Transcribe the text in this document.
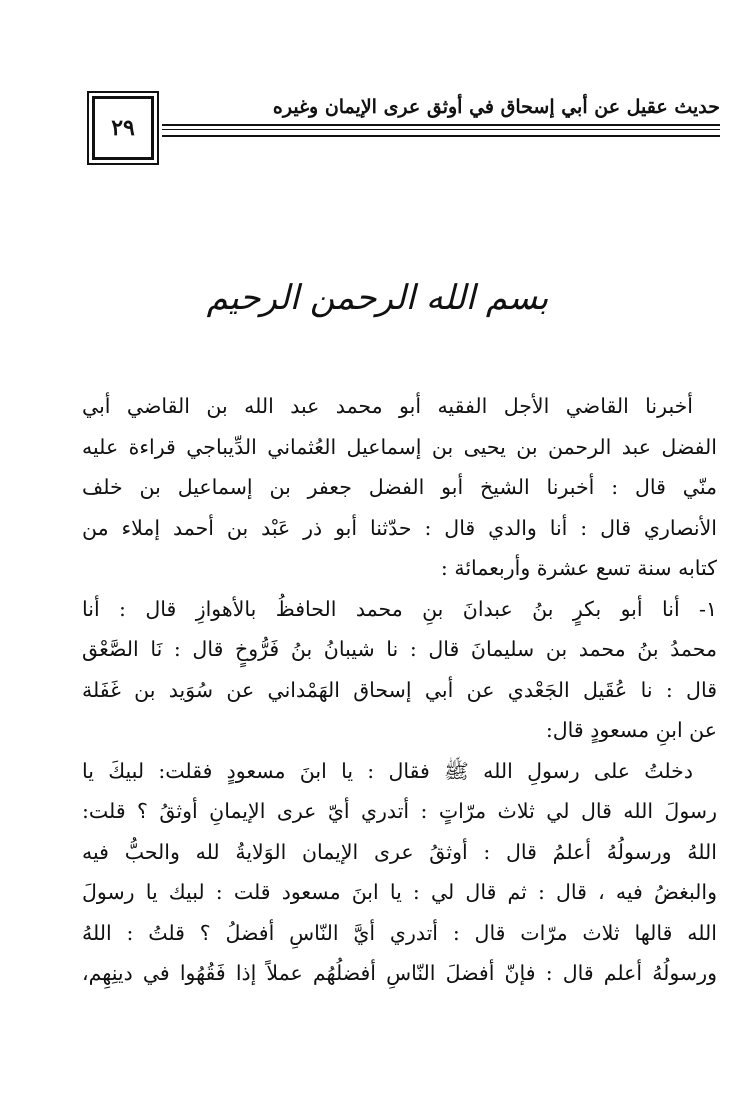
٢٩
حديث عقيل عن أبي إسحاق في أوثق عرى الإيمان وغيره
بسم الله الرحمن الرحيم
أخبرنا القاضي الأجل الفقيه أبو محمد عبد الله بن القاضي أبي
الفضل عبد الرحمن بن يحيى بن إسماعيل العُثماني الدِّيباجي قراءة عليه
منّي قال : أخبرنا الشيخ أبو الفضل جعفر بن إسماعيل بن خلف
الأنصاري قال : أنا والدي قال : حدّثنا أبو ذر عَبْد بن أحمد إملاء من
كتابه سنة تسع عشرة وأربعمائة :
١- أنا أبو بكرٍ بنُ عبدانَ بنِ محمد الحافظُ بالأهوازِ قال : أنا
محمدُ بنُ محمد بن سليمانَ قال : نا شيبانُ بنُ فَرُّوخٍ قال : نَا الصَّعْق
قال : نا عُقَيل الجَعْدي عن أبي إسحاق الهَمْداني عن سُوَيد بن غَفَلة
عن ابنِ مسعودٍ قال:
دخلتُ على رسولِ الله ﷺ فقال : يا ابنَ مسعودٍ فقلت: لبيكَ يا
رسولَ الله قال لي ثلاث مرّاتٍ : أتدري أيّ عرى الإيمانِ أوثقُ ؟ قلت:
اللهُ ورسولُهُ أعلمُ قال : أوثقُ عرى الإيمان الوَلايةُ لله والحبُّ فيه
والبغضُ فيه ، قال : ثم قال لي : يا ابنَ مسعود قلت : لبيك يا رسولَ
الله قالها ثلاث مرّات قال : أتدري أيَّ النّاسِ أفضلُ ؟ قلتُ : اللهُ
ورسولُهُ أعلم قال : فإنّ أفضلَ النّاسِ أفضلُهُم عملاً إذا فَقُهُوا في دينِهِم،
